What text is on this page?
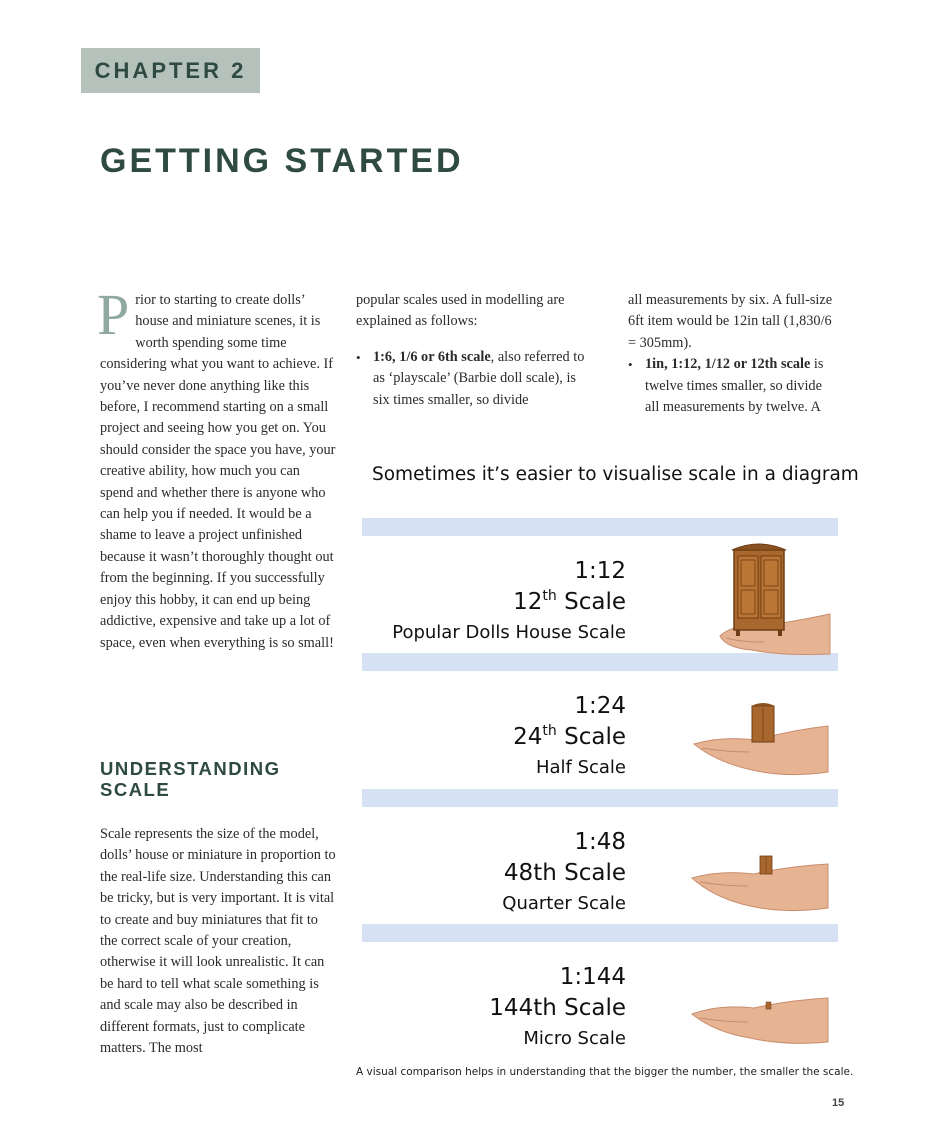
CHAPTER 2
GETTING STARTED

Prior to starting to create dolls’ house and miniature scenes, it is worth spending some time considering what you want to achieve. If you’ve never done anything like this before, I recommend starting on a small project and seeing how you get on. You should consider the space you have, your creative ability, how much you can spend and whether there is anyone who can help you if needed. It would be a shame to leave a project unfinished because it wasn’t thoroughly thought out from the beginning. If you successfully enjoy this hobby, it can end up being addictive, expensive and take up a lot of space, even when everything is so small!

UNDERSTANDING SCALE

Scale represents the size of the model, dolls’ house or miniature in proportion to the real-life size. Understanding this can be tricky, but is very important. It is vital to create and buy miniatures that fit to the correct scale of your creation, otherwise it will look unrealistic. It can be hard to tell what scale something is and scale may also be described in different formats, just to complicate matters. The most

popular scales used in modelling are explained as follows:

• 1:6, 1/6 or 6th scale, also referred to as ‘playscale’ (Barbie doll scale), is six times smaller, so divide

all measurements by six. A full-size 6ft item would be 12in tall (1,830/6 = 305mm).

• 1in, 1:12, 1/12 or 12th scale is twelve times smaller, so divide all measurements by twelve. A
Sometimes it’s easier to visualise scale in a diagram
1:12
12th Scale
Popular Dolls House Scale
1:24
24th Scale
Half Scale
1:48
48th Scale
Quarter Scale
1:144
144th Scale
Micro Scale
A visual comparison helps in understanding that the bigger the number, the smaller the scale.
15
